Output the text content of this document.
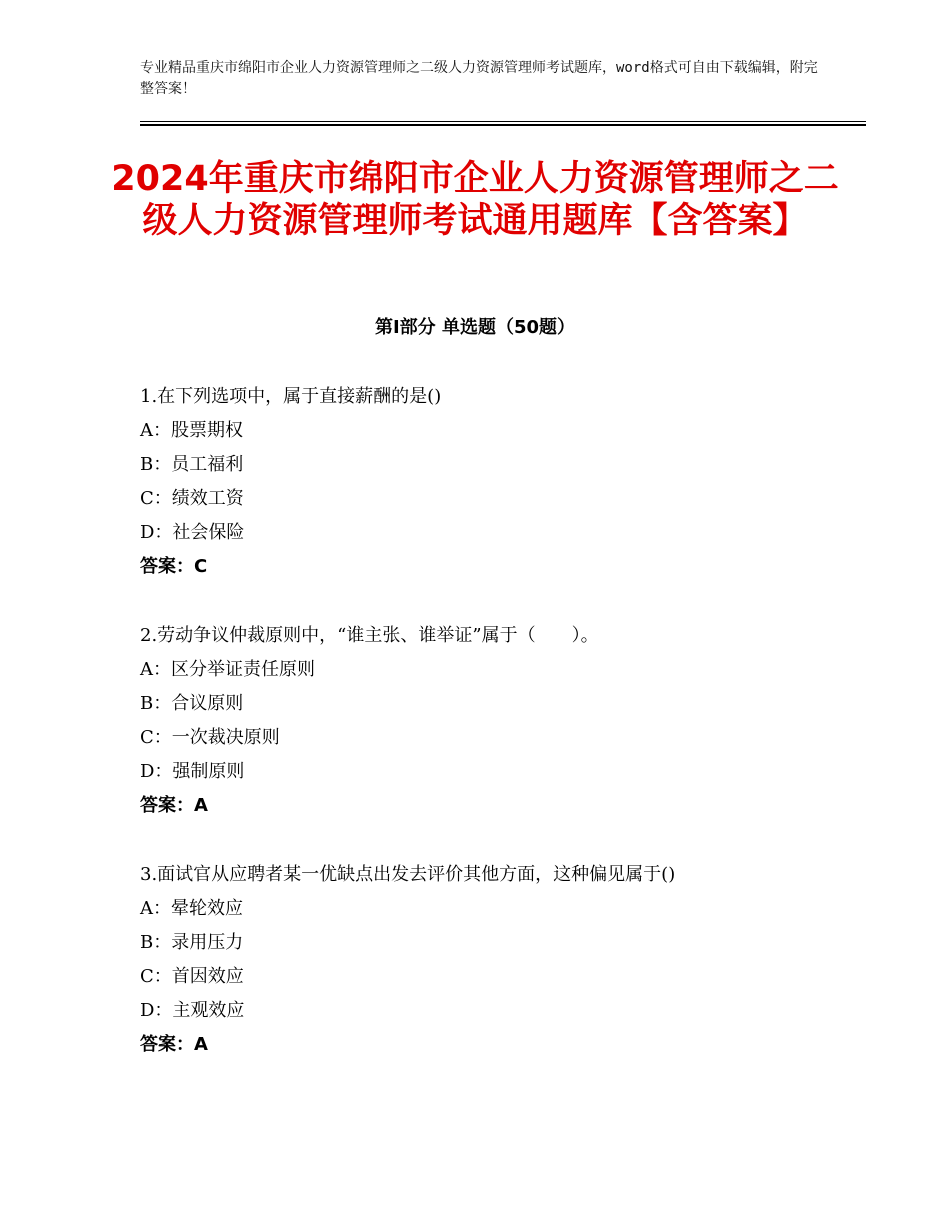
专业精品重庆市绵阳市企业人力资源管理师之二级人力资源管理师考试题库，word格式可自由下载编辑，附完整答案！
2024年重庆市绵阳市企业人力资源管理师之二级人力资源管理师考试通用题库【含答案】
第Ⅰ部分 单选题（50题）
1.在下列选项中，属于直接薪酬的是()
A：股票期权
B：员工福利
C：绩效工资
D：社会保险
答案：C
2.劳动争议仲裁原则中，“谁主张、谁举证”属于（　　）。
A：区分举证责任原则
B：合议原则
C：一次裁决原则
D：强制原则
答案：A
3.面试官从应聘者某一优缺点出发去评价其他方面，这种偏见属于()
A：晕轮效应
B：录用压力
C：首因效应
D：主观效应
答案：A
